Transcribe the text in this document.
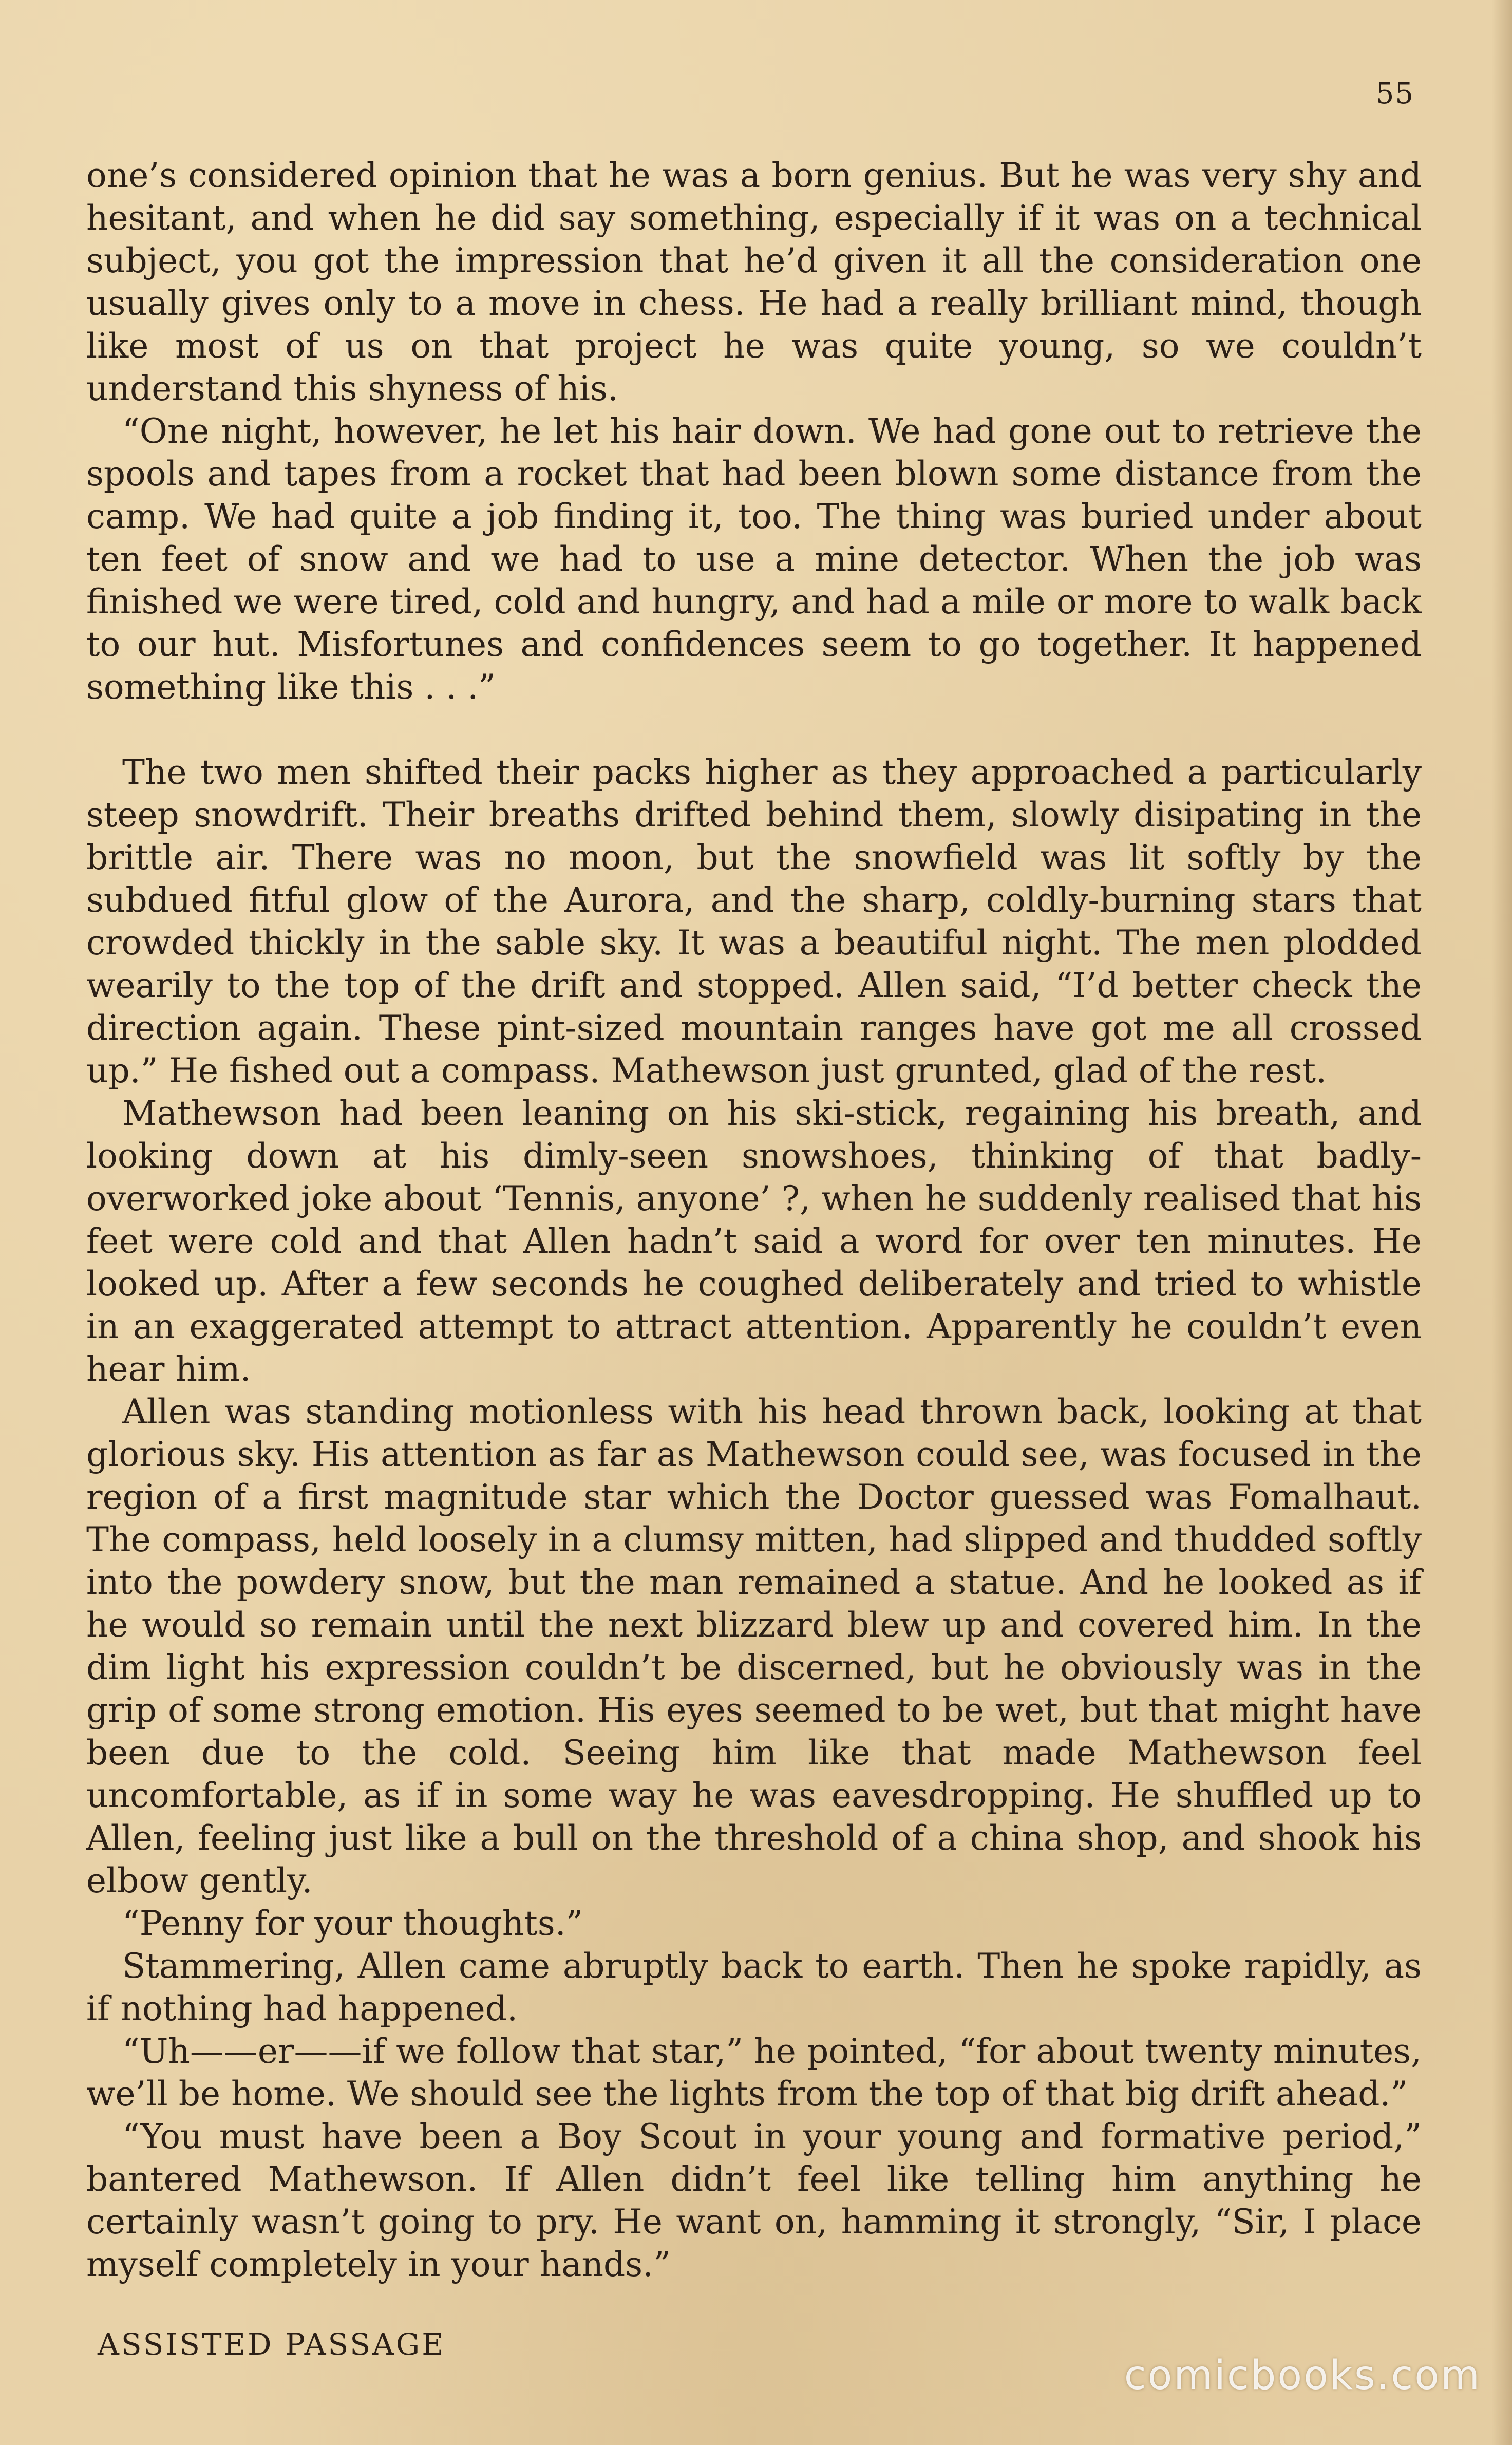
55

one’s considered opinion that he was a born genius. But he was very shy and hesitant, and when he did say something, especially if it was on a technical subject, you got the impression that he’d given it all the consideration one usually gives only to a move in chess. He had a really brilliant mind, though like most of us on that project he was quite young, so we couldn’t understand this shyness of his.

“One night, however, he let his hair down. We had gone out to retrieve the spools and tapes from a rocket that had been blown some distance from the camp. We had quite a job finding it, too. The thing was buried under about ten feet of snow and we had to use a mine detector. When the job was finished we were tired, cold and hungry, and had a mile or more to walk back to our hut. Misfortunes and confidences seem to go together. It happened something like this . . .”

The two men shifted their packs higher as they approached a particularly steep snowdrift. Their breaths drifted behind them, slowly disipating in the brittle air. There was no moon, but the snowfield was lit softly by the subdued fitful glow of the Aurora, and the sharp, coldly-burning stars that crowded thickly in the sable sky. It was a beautiful night. The men plodded wearily to the top of the drift and stopped. Allen said, “I’d better check the direction again. These pint-sized mountain ranges have got me all crossed up.” He fished out a compass. Mathewson just grunted, glad of the rest.

Mathewson had been leaning on his ski-stick, regaining his breath, and looking down at his dimly-seen snowshoes, thinking of that badly-overworked joke about ‘Tennis, anyone’ ?, when he suddenly realised that his feet were cold and that Allen hadn’t said a word for over ten minutes. He looked up. After a few seconds he coughed deliberately and tried to whistle in an exaggerated attempt to attract attention. Apparently he couldn’t even hear him.

Allen was standing motionless with his head thrown back, looking at that glorious sky. His attention as far as Mathewson could see, was focused in the region of a first magnitude star which the Doctor guessed was Fomalhaut. The compass, held loosely in a clumsy mitten, had slipped and thudded softly into the powdery snow, but the man remained a statue. And he looked as if he would so remain until the next blizzard blew up and covered him. In the dim light his expression couldn’t be discerned, but he obviously was in the grip of some strong emotion. His eyes seemed to be wet, but that might have been due to the cold. Seeing him like that made Mathewson feel uncomfortable, as if in some way he was eavesdropping. He shuffled up to Allen, feeling just like a bull on the threshold of a china shop, and shook his elbow gently.

“Penny for your thoughts.”

Stammering, Allen came abruptly back to earth. Then he spoke rapidly, as if nothing had happened.

“Uh——er——if we follow that star,” he pointed, “for about twenty minutes, we’ll be home. We should see the lights from the top of that big drift ahead.”

“You must have been a Boy Scout in your young and formative period,” bantered Mathewson. If Allen didn’t feel like telling him anything he certainly wasn’t going to pry. He want on, hamming it strongly, “Sir, I place myself completely in your hands.”

ASSISTED PASSAGE
comicbooks.com
